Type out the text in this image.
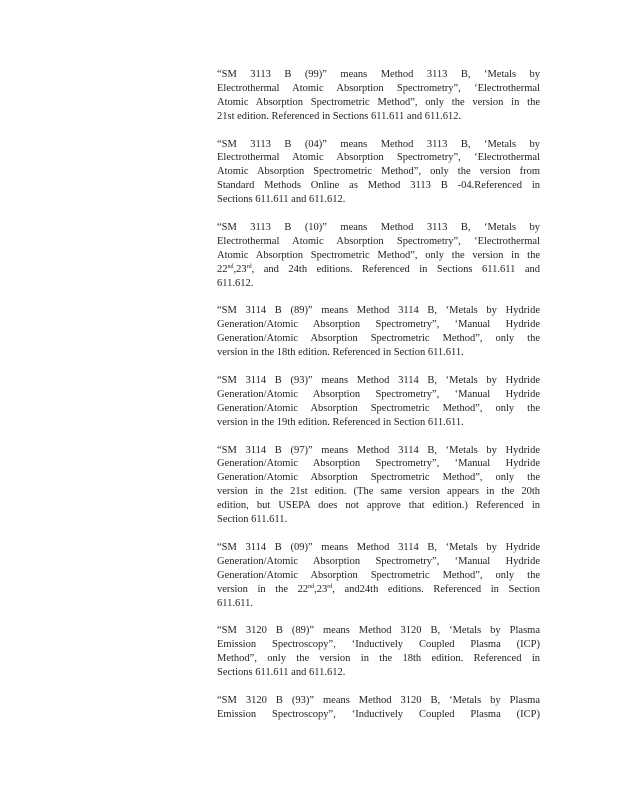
“SM 3113 B (99)” means Method 3113 B, ‘Metals by
Electrothermal Atomic Absorption Spectrometry”, ‘Electrothermal
Atomic Absorption Spectrometric Method”, only the version in the
21st edition. Referenced in Sections 611.611 and 611.612.

“SM 3113 B (04)” means Method 3113 B, ‘Metals by
Electrothermal Atomic Absorption Spectrometry”, ‘Electrothermal
Atomic Absorption Spectrometric Method”, only the version from
Standard Methods Online as Method 3113 B -04.Referenced in
Sections 611.611 and 611.612.

“SM 3113 B (10)” means Method 3113 B, ‘Metals by
Electrothermal Atomic Absorption Spectrometry”, ‘Electrothermal
Atomic Absorption Spectrometric Method”, only the version in the
22nd,23rd, and 24th editions. Referenced in Sections 611.611 and
611.612.

“SM 3114 B (89)” means Method 3114 B, ‘Metals by Hydride
Generation/Atomic Absorption Spectrometry”, ‘Manual Hydride
Generation/Atomic Absorption Spectrometric Method”, only the
version in the 18th edition. Referenced in Section 611.611.

“SM 3114 B (93)” means Method 3114 B, ‘Metals by Hydride
Generation/Atomic Absorption Spectrometry”, ‘Manual Hydride
Generation/Atomic Absorption Spectrometric Method”, only the
version in the 19th edition. Referenced in Section 611.611.

“SM 3114 B (97)” means Method 3114 B, ‘Metals by Hydride
Generation/Atomic Absorption Spectrometry”, ‘Manual Hydride
Generation/Atomic Absorption Spectrometric Method”, only the
version in the 21st edition. (The same version appears in the 20th
edition, but USEPA does not approve that edition.) Referenced in
Section 611.611.

“SM 3114 B (09)” means Method 3114 B, ‘Metals by Hydride
Generation/Atomic Absorption Spectrometry”, ‘Manual Hydride
Generation/Atomic Absorption Spectrometric Method”, only the
version in the 22nd,23rd, and24th editions. Referenced in Section
611.611.

“SM 3120 B (89)” means Method 3120 B, ‘Metals by Plasma
Emission Spectroscopy”, ‘Inductively Coupled Plasma (ICP)
Method”, only the version in the 18th edition. Referenced in
Sections 611.611 and 611.612.

“SM 3120 B (93)” means Method 3120 B, ‘Metals by Plasma
Emission Spectroscopy”, ‘Inductively Coupled Plasma (ICP)
